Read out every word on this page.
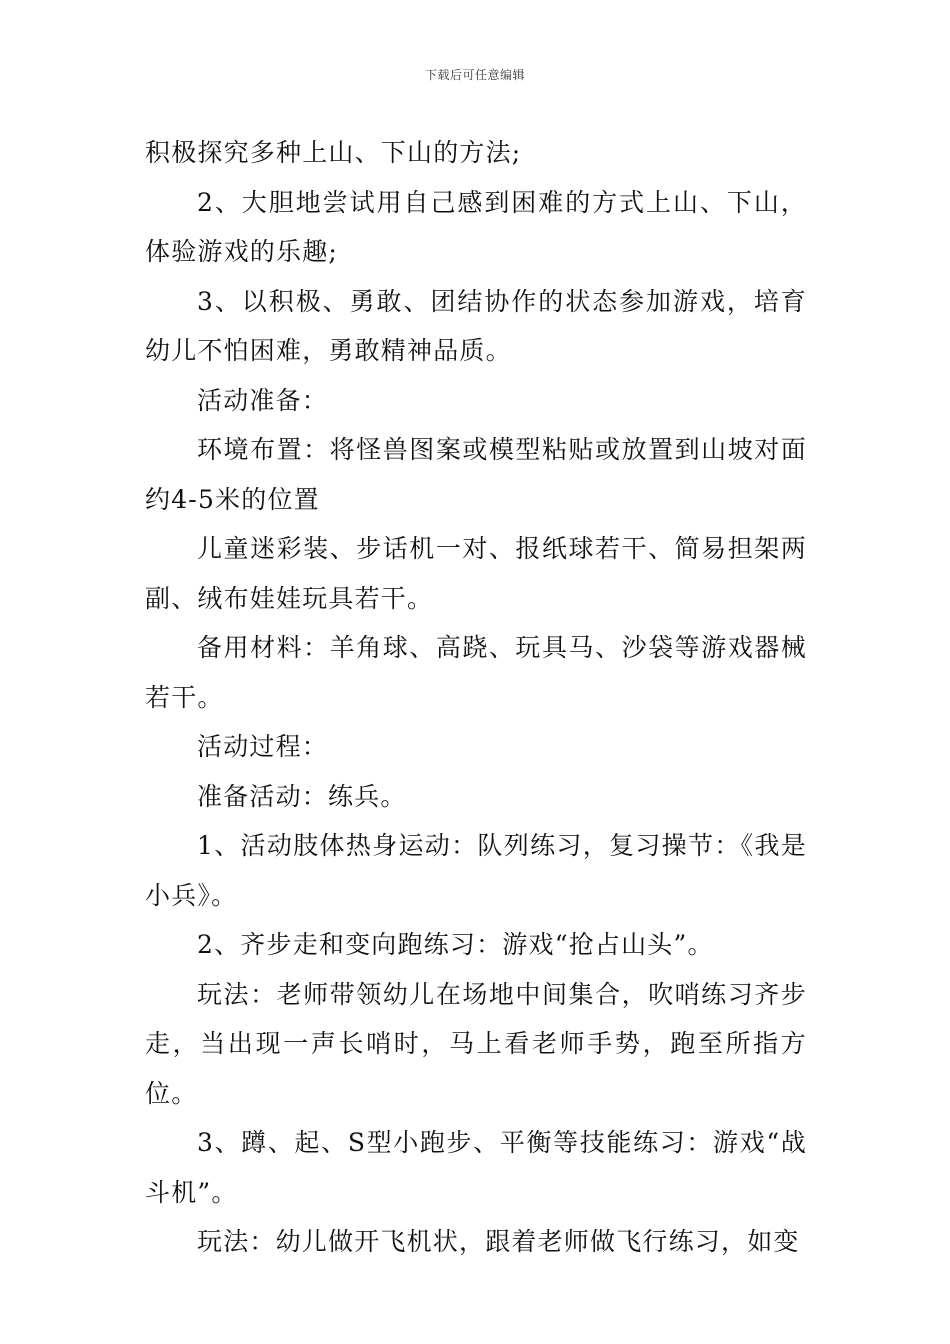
下载后可任意编辑

积极探究多种上山、下山的方法;

2、大胆地尝试用自己感到困难的方式上山、下山，体验游戏的乐趣;

3、以积极、勇敢、团结协作的状态参加游戏，培育幼儿不怕困难，勇敢精神品质。

活动准备：

环境布置：将怪兽图案或模型粘贴或放置到山坡对面约4-5米的位置

儿童迷彩装、步话机一对、报纸球若干、简易担架两副、绒布娃娃玩具若干。

备用材料：羊角球、高跷、玩具马、沙袋等游戏器械若干。

活动过程：

准备活动：练兵。

1、活动肢体热身运动：队列练习，复习操节：《我是小兵》。

2、齐步走和变向跑练习：游戏“抢占山头”。

玩法：老师带领幼儿在场地中间集合，吹哨练习齐步走，当出现一声长哨时，马上看老师手势，跑至所指方位。

3、蹲、起、S型小跑步、平衡等技能练习：游戏“战斗机”。

玩法：幼儿做开飞机状，跟着老师做飞行练习，如变
